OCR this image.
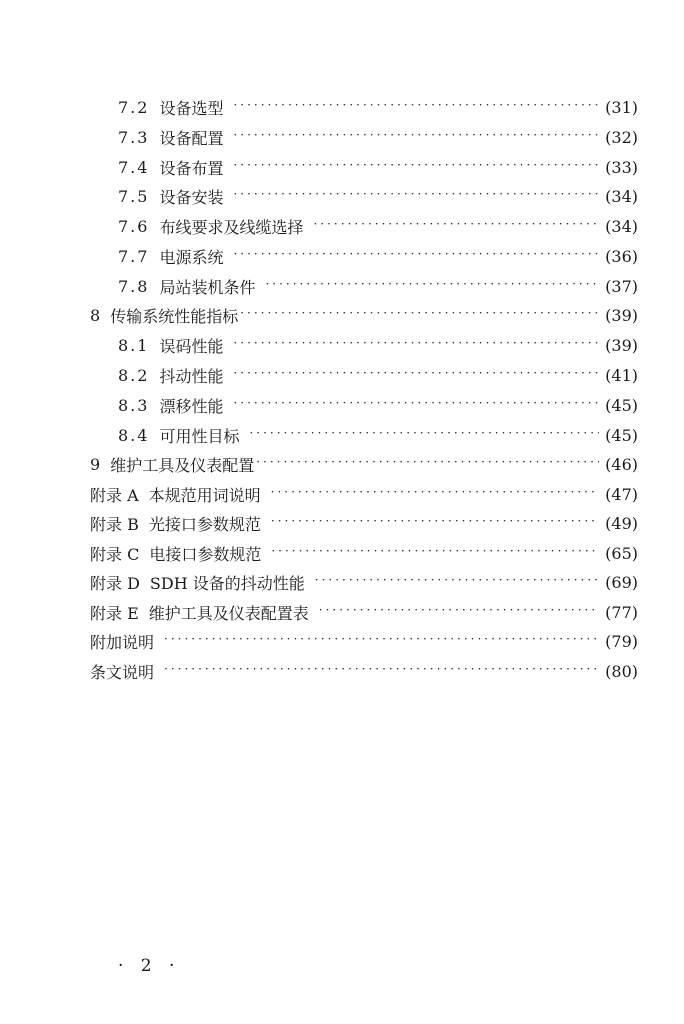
7.2 设备选型 ·····	(31)
7.3 设备配置 ·····	(32)
7.4 设备布置 ·····	(33)
7.5 设备安装 ·····	(34)
7.6 布线要求及线缆选择 ·····	(34)
7.7 电源系统 ·····	(36)
7.8 局站装机条件 ·····	(37)
8 传输系统性能指标 ·····	(39)
8.1 误码性能 ·····	(39)
8.2 抖动性能 ·····	(41)
8.3 漂移性能 ·····	(45)
8.4 可用性目标 ·····	(45)
9 维护工具及仪表配置 ·····	(46)
附录 A 本规范用词说明 ·····	(47)
附录 B 光接口参数规范 ·····	(49)
附录 C 电接口参数规范 ·····	(65)
附录 D SDH 设备的抖动性能 ·····	(69)
附录 E 维护工具及仪表配置表 ·····	(77)
附加说明 ·····	(79)
条文说明 ·····	(80)
· 2 ·
